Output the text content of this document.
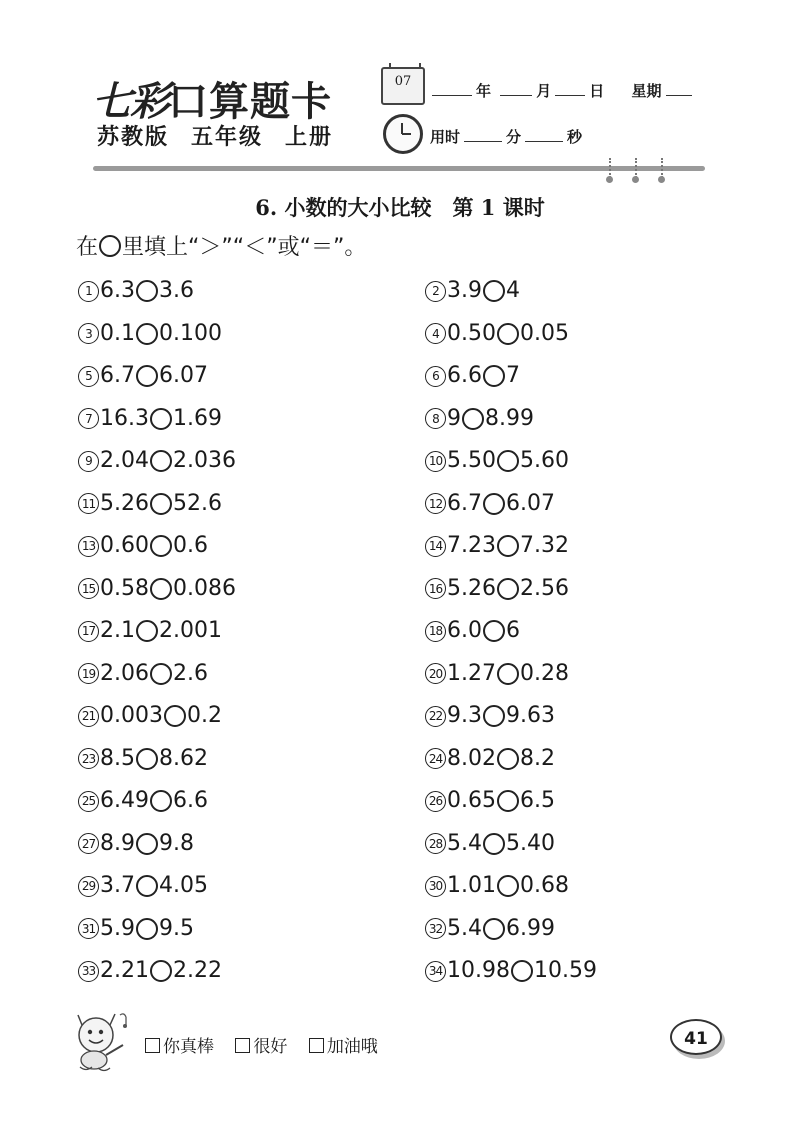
七彩口算题卡
苏教版 五年级 上册
07
年	月	日 星期
用时	分	秒
6. 小数的大小比较　第 1 课时
在 里填上“＞”“＜”或“＝”。
1 6.3 3.6
3 0.1 0.100
5 6.7 6.07
7 16.3 1.69
9 2.04 2.036
11 5.26 52.6
13 0.60 0.6
15 0.58 0.086
17 2.1 2.001
19 2.06 2.6
21 0.003 0.2
23 8.5 8.62
25 6.49 6.6
27 8.9 9.8
29 3.7 4.05
31 5.9 9.5
33 2.21 2.22
2 3.9 4
4 0.50 0.05
6 6.6 7
8 9 8.99
10 5.50 5.60
12 6.7 6.07
14 7.23 7.32
16 5.26 2.56
18 6.0 6
20 1.27 0.28
22 9.3 9.63
24 8.02 8.2
26 0.65 6.5
28 5.4 5.40
30 1.01 0.68
32 5.4 6.99
34 10.98 10.59
你真棒 很好 加油哦	41
